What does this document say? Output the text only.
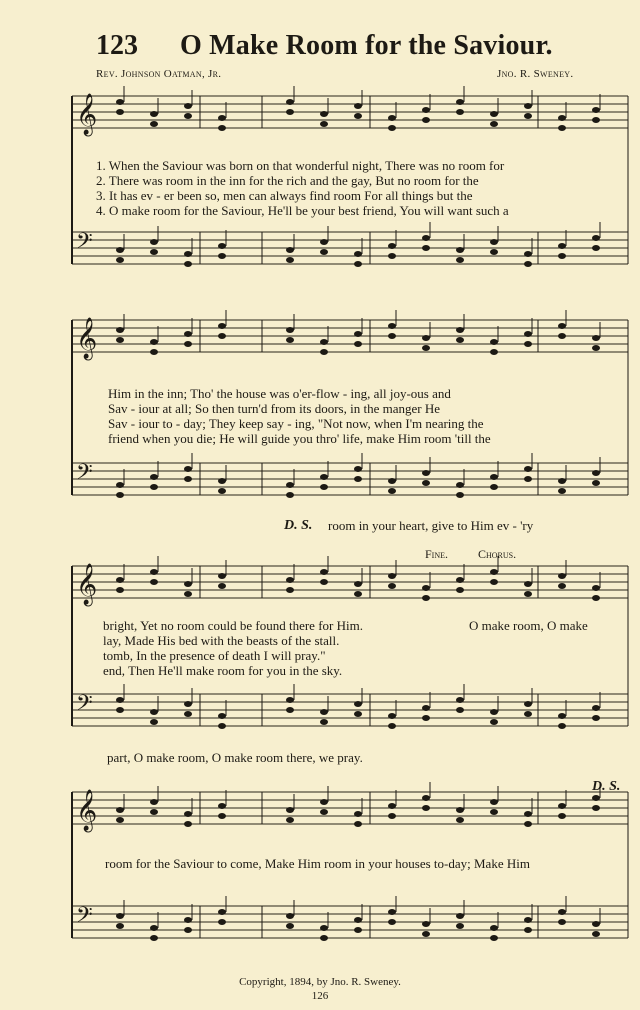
123 O Make Room for the Saviour.
Rev. Johnson Oatman, Jr.	Jno. R. Sweney.
𝄞
𝄢
𝄞
𝄢
𝄞
𝄢
𝄞
𝄢
1. When the Saviour was born on that wonderful night, There was no room for
2. There was room in the inn for the rich and the gay, But no room for the
3. It has ev - er been so, men can always find room For all things but the
4. O make room for the Saviour, He'll be your best friend, You will want such a
Him in the inn; Tho' the house was o'er-flow - ing, all joy-ous and
Sav - iour at all; So then turn'd from its doors, in the manger He
Sav - iour to - day; They keep say - ing, "Not now, when I'm nearing the
friend when you die; He will guide you thro' life, make Him room 'till the
D. S. room in your heart, give to Him ev - 'ry
Fine. Chorus.
bright, Yet no room could be found there for Him.
lay, Made His bed with the beasts of the stall.
tomb, In the presence of death I will pray."
end, Then He'll make room for you in the sky.
O make room, O make
part, O make room, O make room there, we pray.
D. S.
room for the Saviour to come, Make Him room in your houses to-day; Make Him
Copyright, 1894, by Jno. R. Sweney.
126
